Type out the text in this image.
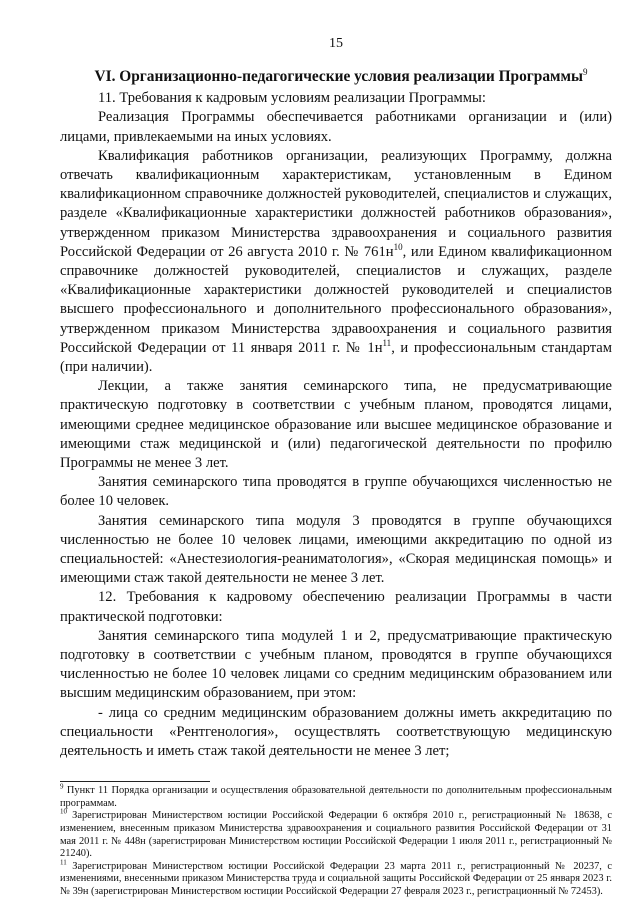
15
VI. Организационно-педагогические условия реализации Программы$^9$

11. Требования к кадровым условиям реализации Программы:

Реализация Программы обеспечивается работниками организации и (или) лицами, привлекаемыми на иных условиях.

Квалификация работников организации, реализующих Программу, должна отвечать квалификационным характеристикам, установленным в Едином квалификационном справочнике должностей руководителей, специалистов и служащих, разделе «Квалификационные характеристики должностей работников образования», утвержденном приказом Министерства здравоохранения и социального развития Российской Федерации от 26 августа 2010 г. № 761н$^{10}$, или Едином квалификационном справочнике должностей руководителей, специалистов и служащих, разделе «Квалификационные характеристики должностей руководителей и специалистов высшего профессионального и дополнительного профессионального образования», утвержденном приказом Министерства здравоохранения и социального развития Российской Федерации от 11 января 2011 г. № 1н$^{11}$, и профессиональным стандартам (при наличии).

Лекции, а также занятия семинарского типа, не предусматривающие практическую подготовку в соответствии с учебным планом, проводятся лицами, имеющими среднее медицинское образование или высшее медицинское образование и имеющими стаж медицинской и (или) педагогической деятельности по профилю Программы не менее 3 лет.

Занятия семинарского типа проводятся в группе обучающихся численностью не более 10 человек.

Занятия семинарского типа модуля 3 проводятся в группе обучающихся численностью не более 10 человек лицами, имеющими аккредитацию по одной из специальностей: «Анестезиология-реаниматология», «Скорая медицинская помощь» и имеющими стаж такой деятельности не менее 3 лет.

12. Требования к кадровому обеспечению реализации Программы в части практической подготовки:

Занятия семинарского типа модулей 1 и 2, предусматривающие практическую подготовку в соответствии с учебным планом, проводятся в группе обучающихся численностью не более 10 человек лицами со средним медицинским образованием или высшим медицинским образованием, при этом:

- лица со средним медицинским образованием должны иметь аккредитацию по специальности «Рентгенология», осуществлять соответствующую медицинскую деятельность и иметь стаж такой деятельности не менее 3 лет;

$^9$ Пункт 11 Порядка организации и осуществления образовательной деятельности по дополнительным профессиональным программам.

$^{10}$ Зарегистрирован Министерством юстиции Российской Федерации 6 октября 2010 г., регистрационный № 18638, с изменением, внесенным приказом Министерства здравоохранения и социального развития Российской Федерации от 31 мая 2011 г. № 448н (зарегистрирован Министерством юстиции Российской Федерации 1 июля 2011 г., регистрационный № 21240).

$^{11}$ Зарегистрирован Министерством юстиции Российской Федерации 23 марта 2011 г., регистрационный № 20237, с изменениями, внесенными приказом Министерства труда и социальной защиты Российской Федерации от 25 января 2023 г. № 39н (зарегистрирован Министерством юстиции Российской Федерации 27 февраля 2023 г., регистрационный № 72453).
